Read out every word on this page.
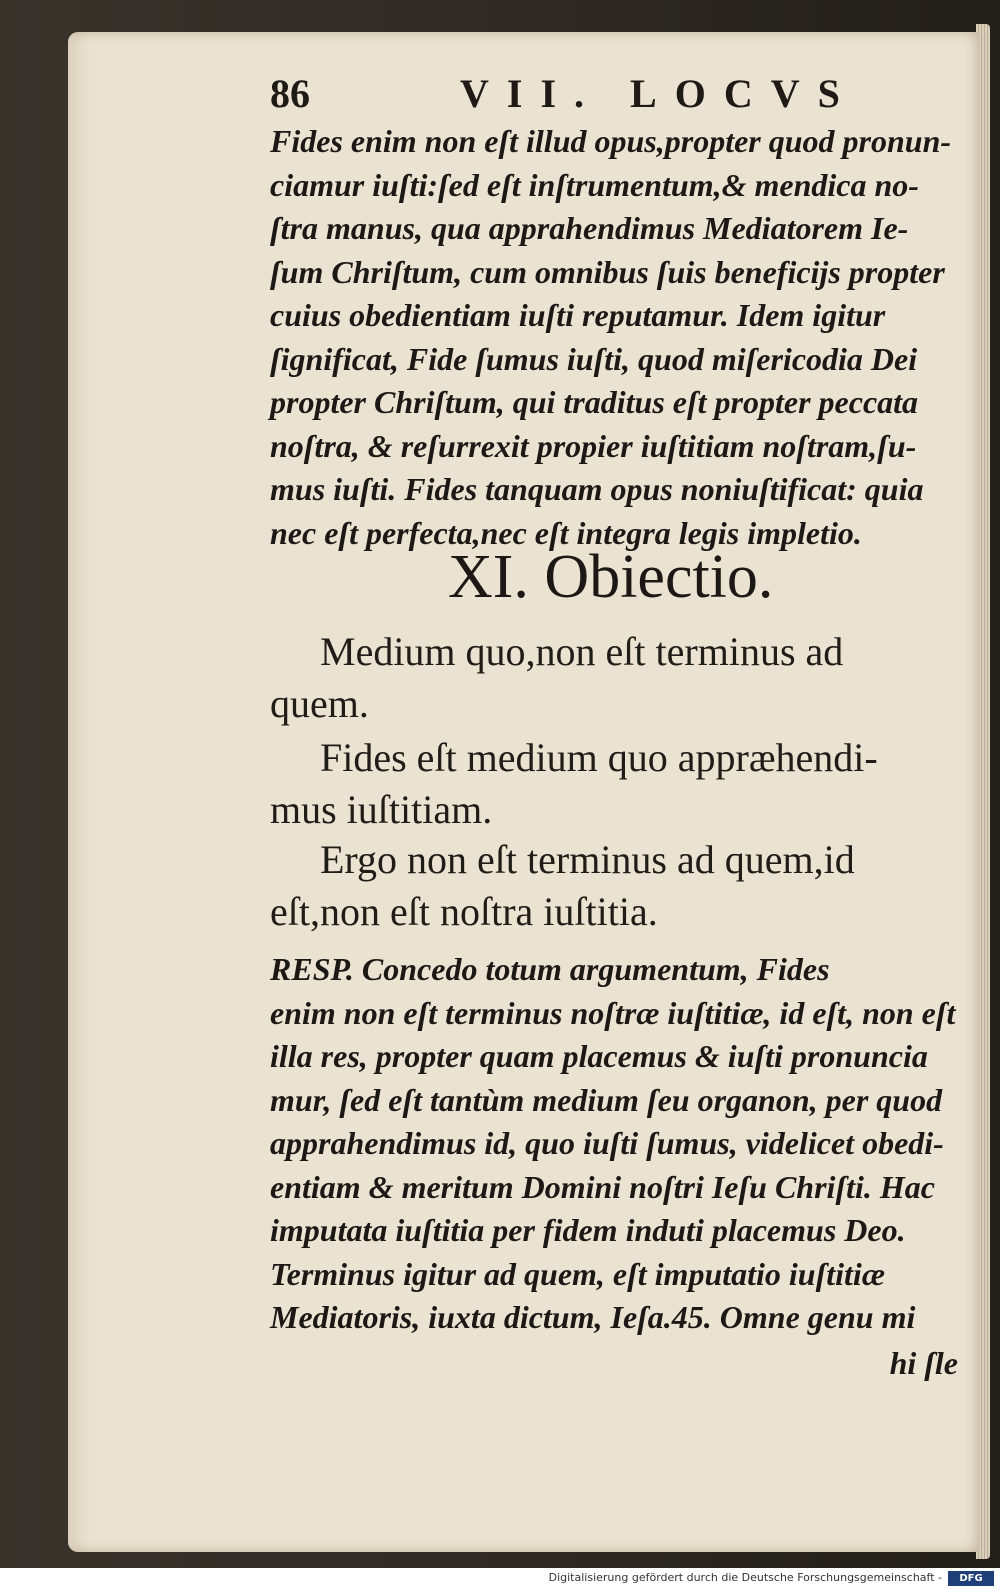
86	VII. LOCVS
Fides enim non eſt illud opus,propter quod pronun-
ciamur iuſti:ſed eſt inſtrumentum,& mendica no-
ſtra manus, qua apprahendimus Mediatorem Ie-
ſum Chriſtum, cum omnibus ſuis beneficijs propter
cuius obedientiam iuſti reputamur. Idem igitur
ſignificat, Fide ſumus iuſti, quod miſericodia Dei
propter Chriſtum, qui traditus eſt propter peccata
noſtra, & reſurrexit propier iuſtitiam noſtram,ſu-
mus iuſti. Fides tanquam opus noniuſtificat: quia
nec eſt perfecta,nec eſt integra legis impletio.
XI. Obiectio.
Medium quo,non eſt terminus ad
quem.
Fides eſt medium quo appræhendi-
mus iuſtitiam.
Ergo non eſt terminus ad quem,id
eſt,non eſt noſtra iuſtitia.
RESP. Concedo totum argumentum, Fides
enim non eſt terminus noſtræ iuſtitiæ, id eſt, non eſt
illa res, propter quam placemus & iuſti pronuncia
mur, ſed eſt tantùm medium ſeu organon, per quod
apprahendimus id, quo iuſti ſumus, videlicet obedi-
entiam & meritum Domini noſtri Ieſu Chriſti. Hac
imputata iuſtitia per fidem induti placemus Deo.
Terminus igitur ad quem, eſt imputatio iuſtitiæ
Mediatoris, iuxta dictum, Ieſa.45. Omne genu mi
hi ſle
Digitalisierung gefördert durch die Deutsche Forschungsgemeinschaft -	DFG
